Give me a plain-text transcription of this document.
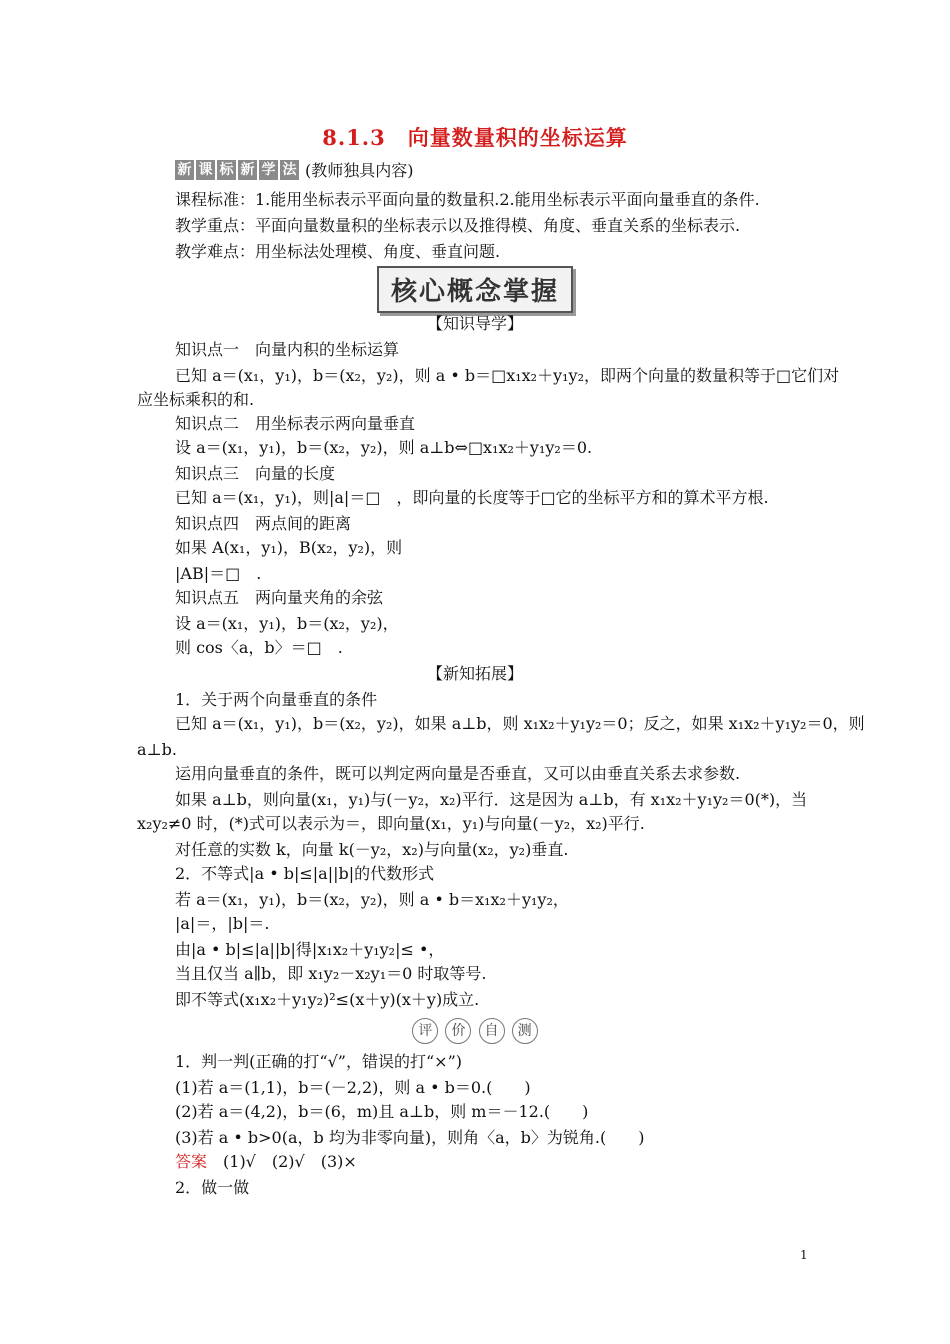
8.1.3　向量数量积的坐标运算
新 课 标 新 学 法 (教师独具内容)
课程标准：1.能用坐标表示平面向量的数量积.2.能用坐标表示平面向量垂直的条件.
教学重点：平面向量数量积的坐标表示以及推得模、角度、垂直关系的坐标表示.
教学难点：用坐标法处理模、角度、垂直问题.
核心概念掌握
【知识导学】
知识点一　向量内积的坐标运算
已知 a＝(x₁，y₁)，b＝(x₂，y₂)，则 a • b＝□x₁x₂＋y₁y₂，即两个向量的数量积等于□它们对
应坐标乘积的和.
知识点二　用坐标表示两向量垂直
设 a＝(x₁，y₁)，b＝(x₂，y₂)，则 a⊥b⇔□x₁x₂＋y₁y₂＝0.
知识点三　向量的长度
已知 a＝(x₁，y₁)，则|a|＝□　，即向量的长度等于□它的坐标平方和的算术平方根.
知识点四　两点间的距离
如果 A(x₁，y₁)，B(x₂，y₂)，则
|AB|＝□　.
知识点五　两向量夹角的余弦
设 a＝(x₁，y₁)，b＝(x₂，y₂)，
则 cos〈a，b〉＝□　.
【新知拓展】
1．关于两个向量垂直的条件
已知 a＝(x₁，y₁)，b＝(x₂，y₂)，如果 a⊥b，则 x₁x₂＋y₁y₂＝0；反之，如果 x₁x₂＋y₁y₂＝0，则
a⊥b.
运用向量垂直的条件，既可以判定两向量是否垂直，又可以由垂直关系去求参数.
如果 a⊥b，则向量(x₁，y₁)与(－y₂，x₂)平行．这是因为 a⊥b，有 x₁x₂＋y₁y₂＝0(*)，当
x₂y₂≠0 时，(*)式可以表示为＝，即向量(x₁，y₁)与向量(－y₂，x₂)平行.
对任意的实数 k，向量 k(－y₂，x₂)与向量(x₂，y₂)垂直.
2．不等式|a • b|≤|a||b|的代数形式
若 a＝(x₁，y₁)，b＝(x₂，y₂)，则 a • b＝x₁x₂＋y₁y₂，
|a|＝，|b|＝.
由|a • b|≤|a||b|得|x₁x₂＋y₁y₂|≤ •，
当且仅当 a∥b，即 x₁y₂－x₂y₁＝0 时取等号.
即不等式(x₁x₂＋y₁y₂)²≤(x＋y)(x＋y)成立.
评 价 自 测
1．判一判(正确的打“√”，错误的打“×”)
(1)若 a＝(1,1)，b＝(－2,2)，则 a • b＝0.(　　)
(2)若 a＝(4,2)，b＝(6，m)且 a⊥b，则 m＝－12.(　　)
(3)若 a • b>0(a，b 均为非零向量)，则角〈a，b〉为锐角.(　　)
答案　(1)√　(2)√　(3)×
2．做一做
1
